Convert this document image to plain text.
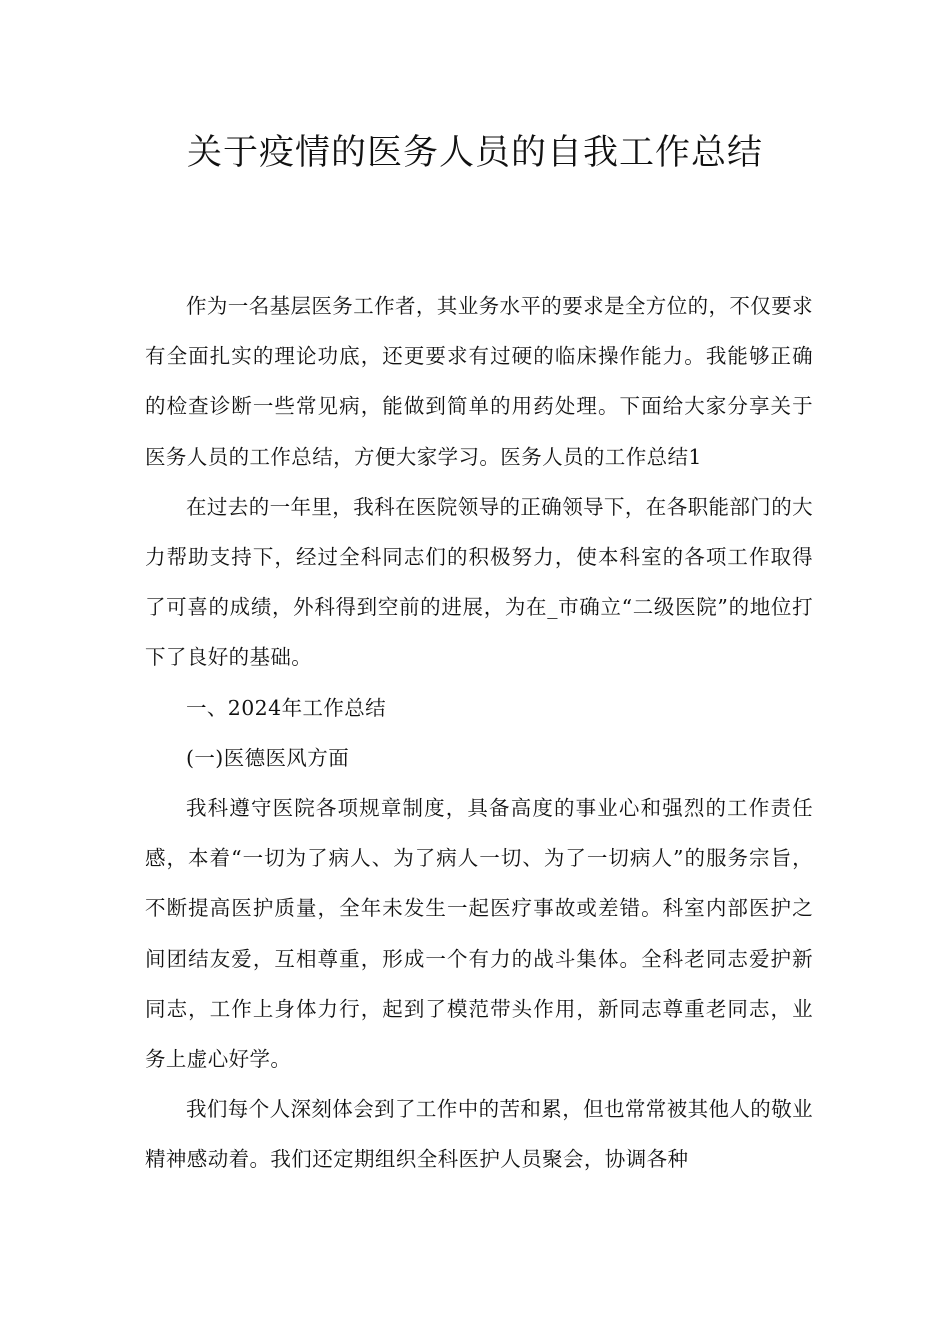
关于疫情的医务人员的自我工作总结

作为一名基层医务工作者，其业务水平的要求是全方位的，不仅要求有全面扎实的理论功底，还更要求有过硬的临床操作能力。我能够正确的检查诊断一些常见病，能做到简单的用药处理。下面给大家分享关于医务人员的工作总结，方便大家学习。医务人员的工作总结1

在过去的一年里，我科在医院领导的正确领导下，在各职能部门的大力帮助支持下，经过全科同志们的积极努力，使本科室的各项工作取得了可喜的成绩，外科得到空前的进展，为在_市确立“二级医院”的地位打下了良好的基础。

一、2024年工作总结

(一)医德医风方面

我科遵守医院各项规章制度，具备高度的事业心和强烈的工作责任感，本着“一切为了病人、为了病人一切、为了一切病人”的服务宗旨，不断提高医护质量，全年未发生一起医疗事故或差错。科室内部医护之间团结友爱，互相尊重，形成一个有力的战斗集体。全科老同志爱护新同志，工作上身体力行，起到了模范带头作用，新同志尊重老同志，业务上虚心好学。

我们每个人深刻体会到了工作中的苦和累，但也常常被其他人的敬业精神感动着。我们还定期组织全科医护人员聚会，协调各种
